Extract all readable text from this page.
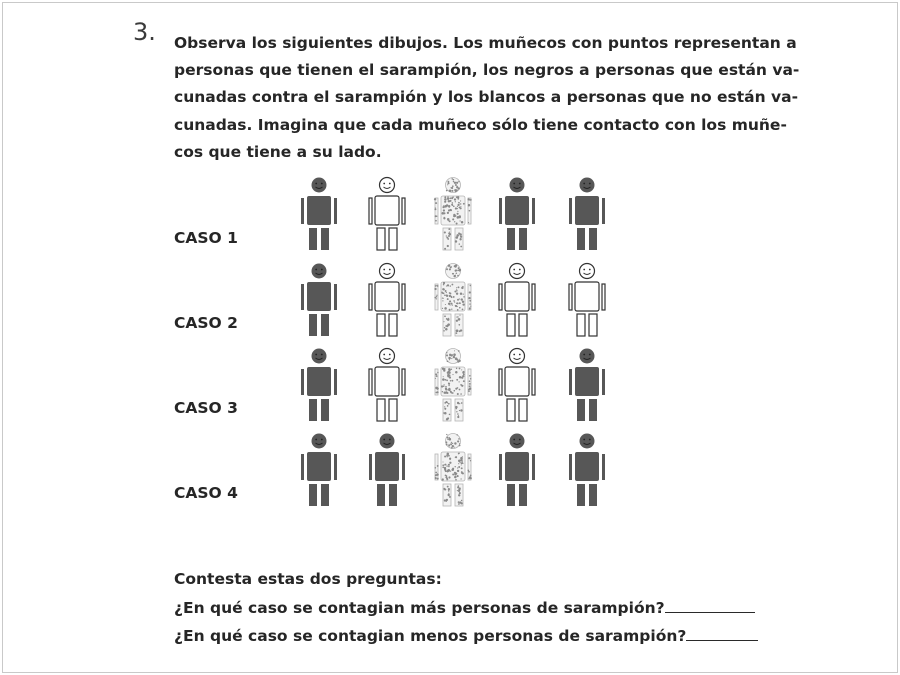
3. Observa los siguientes dibujos. Los muñecos con puntos representan a
personas que tienen el sarampión, los negros a personas que están va-
cunadas contra el sarampión y los blancos a personas que no están va-
cunadas. Imagina que cada muñeco sólo tiene contacto con los muñe-
cos que tiene a su lado.
CASO 1
CASO 2
CASO 3
CASO 4
Contesta estas dos preguntas:
¿En qué caso se contagian más personas de sarampión?
¿En qué caso se contagian menos personas de sarampión?
